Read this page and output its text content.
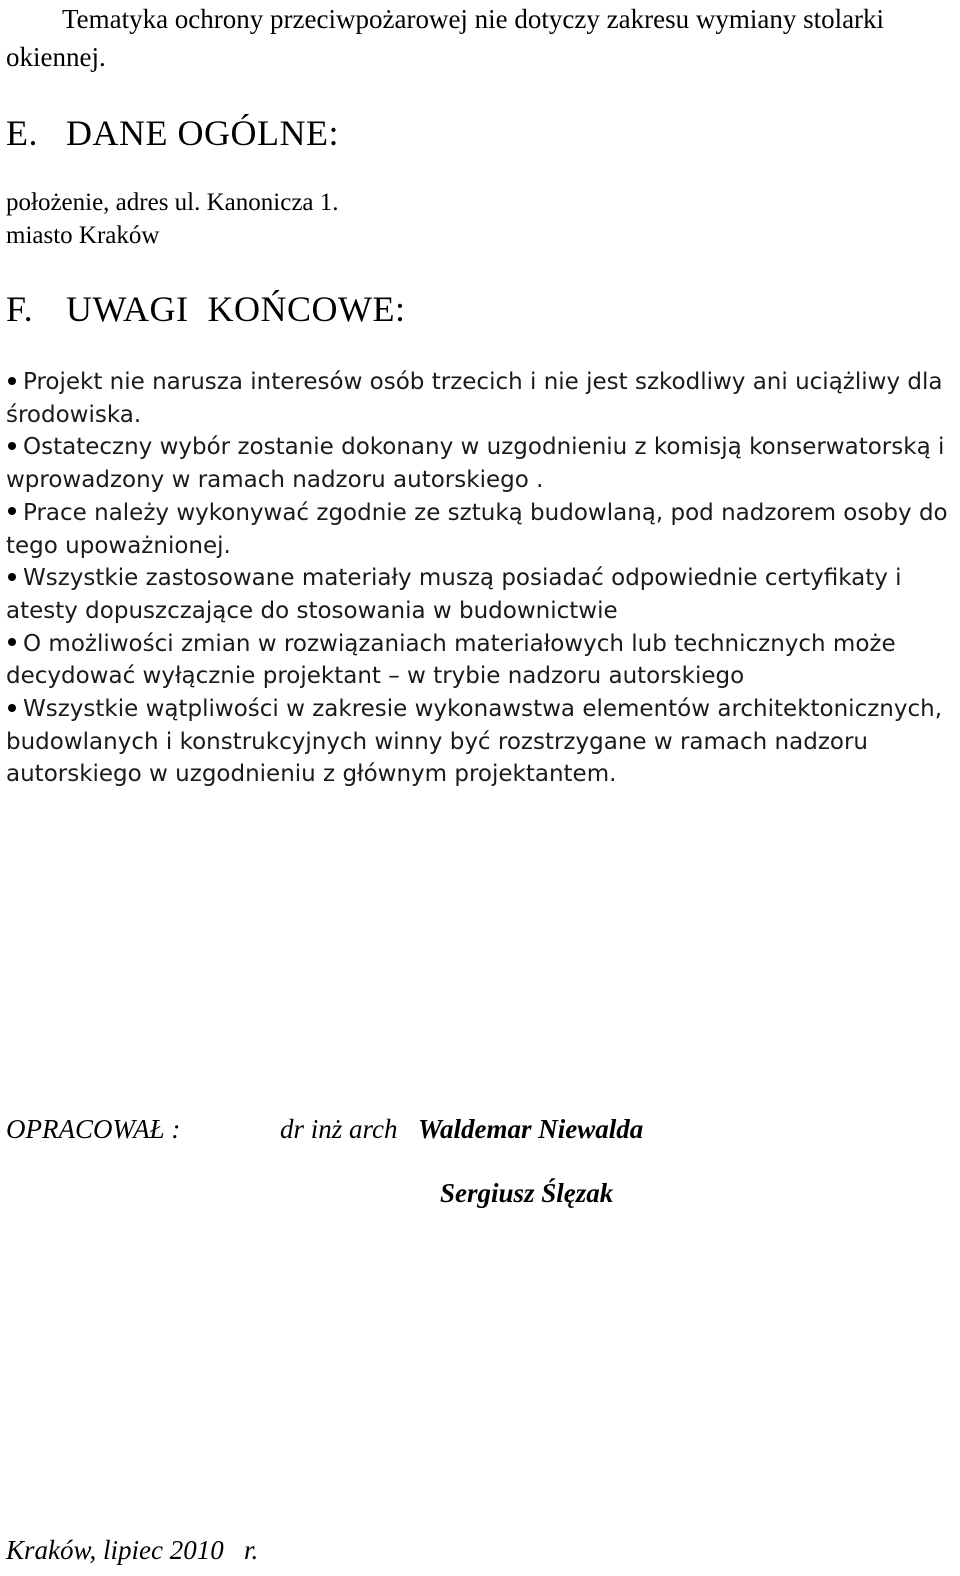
Tematyka ochrony przeciwpożarowej nie dotyczy zakresu wymiany stolarki okiennej.

E. DANE OGÓLNE:
położenie, adres ul. Kanonicza 1.
miasto Kraków
F. UWAGI  KOŃCOWE:

Projekt nie narusza interesów osób trzecich i nie jest szkodliwy ani uciążliwy dla środowiska.

Ostateczny wybór zostanie dokonany w uzgodnieniu z komisją konserwatorską i wprowadzony w ramach nadzoru autorskiego .

Prace należy wykonywać zgodnie ze sztuką budowlaną, pod nadzorem osoby do tego upoważnionej.

Wszystkie zastosowane materiały muszą posiadać odpowiednie certyfikaty i atesty dopuszczające do stosowania w budownictwie

O możliwości zmian w rozwiązaniach materiałowych lub technicznych może decydować wyłącznie projektant – w trybie nadzoru autorskiego

Wszystkie wątpliwości w zakresie wykonawstwa elementów architektonicznych, budowlanych i konstrukcyjnych winny być rozstrzygane w ramach nadzoru autorskiego w uzgodnieniu z głównym projektantem.

OPRACOWAŁ :	dr inż arch Waldemar Niewalda
Sergiusz Ślęzak
Kraków, lipiec 2010   r.
